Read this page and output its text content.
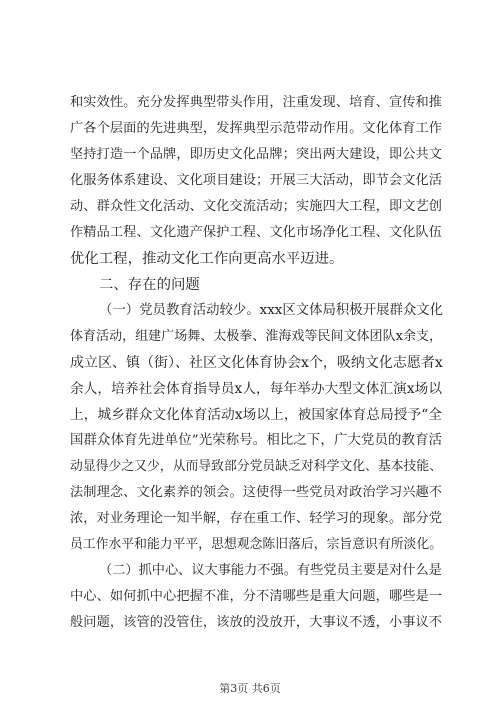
和实效性。充分发挥典型带头作用，注重发现、培育、宣传和推
广各个层面的先进典型，发挥典型示范带动作用。文化体育工作
坚持打造一个品牌，即历史文化品牌；突出两大建设，即公共文
化服务体系建设、文化项目建设；开展三大活动，即节会文化活
动、群众性文化活动、文化交流活动；实施四大工程，即文艺创
作精品工程、文化遗产保护工程、文化市场净化工程、文化队伍
优化工程，推动文化工作向更高水平迈进。
二、存在的问题
（一）党员教育活动较少。xxx区文体局积极开展群众文化
体育活动，组建广场舞、太极拳、淮海戏等民间文体团队x余支，
成立区、镇（街）、社区文化体育协会x个，吸纳文化志愿者x
余人，培养社会体育指导员x人，每年举办大型文体汇演x场以
上，城乡群众文化体育活动x场以上，被国家体育总局授予“全
国群众体育先进单位”光荣称号。相比之下，广大党员的教育活
动显得少之又少，从而导致部分党员缺乏对科学文化、基本技能、
法制理念、文化素养的领会。这使得一些党员对政治学习兴趣不
浓，对业务理论一知半解，存在重工作、轻学习的现象。部分党
员工作水平和能力平平，思想观念陈旧落后，宗旨意识有所淡化。
（二）抓中心、议大事能力不强。有些党员主要是对什么是
中心、如何抓中心把握不准，分不清哪些是重大问题，哪些是一
般问题，该管的没管住，该放的没放开，大事议不透，小事议不
第3页 共6页
